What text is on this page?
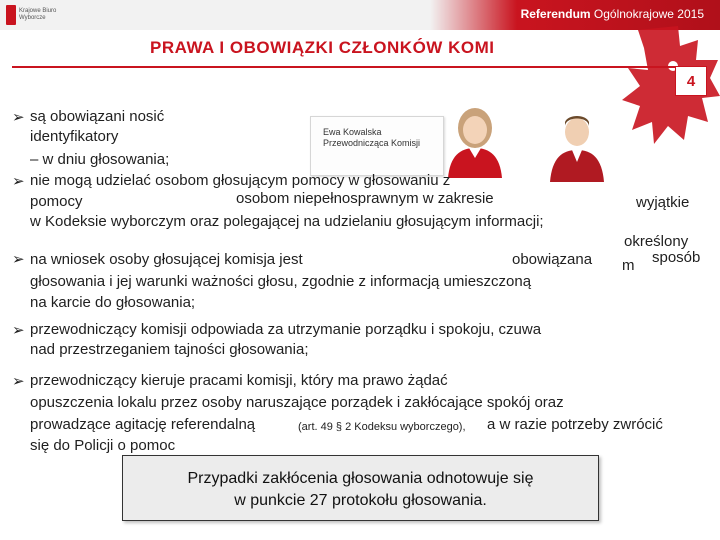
Krajowe Biuro Wyborcze	Referendum Ogólnokrajowe 2015
PRAWA I OBOWIĄZKI CZŁONKÓW KOMI
4
Ewa Kowalska
Przewodnicząca Komisji
➢ są obowiązani nosić
identyfikatory
– w dniu głosowania;
➢ nie mogą udzielać osobom głosującym pomocy w głosowaniu z
pomocy	osobom niepełnosprawnym w zakresie	wyjątkie
w Kodeksie wyborczym oraz polegającej na udzielaniu głosującym informacji;
określony
➢ na wniosek osoby głosującej komisja jest	obowiązana m sposób
głosowania i jej warunki ważności głosu, zgodnie z informacją umieszczoną
na karcie do głosowania;
➢ przewodniczący komisji odpowiada za utrzymanie porządku i spokoju, czuwa
nad przestrzeganiem tajności głosowania;
➢ przewodniczący kieruje pracami komisji, który ma prawo żądać
opuszczenia lokalu przez osoby naruszające porządek i zakłócające spokój oraz
prowadzące agitację referendalną	(art. 49 § 2 Kodeksu wyborczego), a w razie potrzeby zwrócić
się do Policji o pomoc
Przypadki zakłócenia głosowania odnotowuje się
w punkcie 27 protokołu głosowania.
